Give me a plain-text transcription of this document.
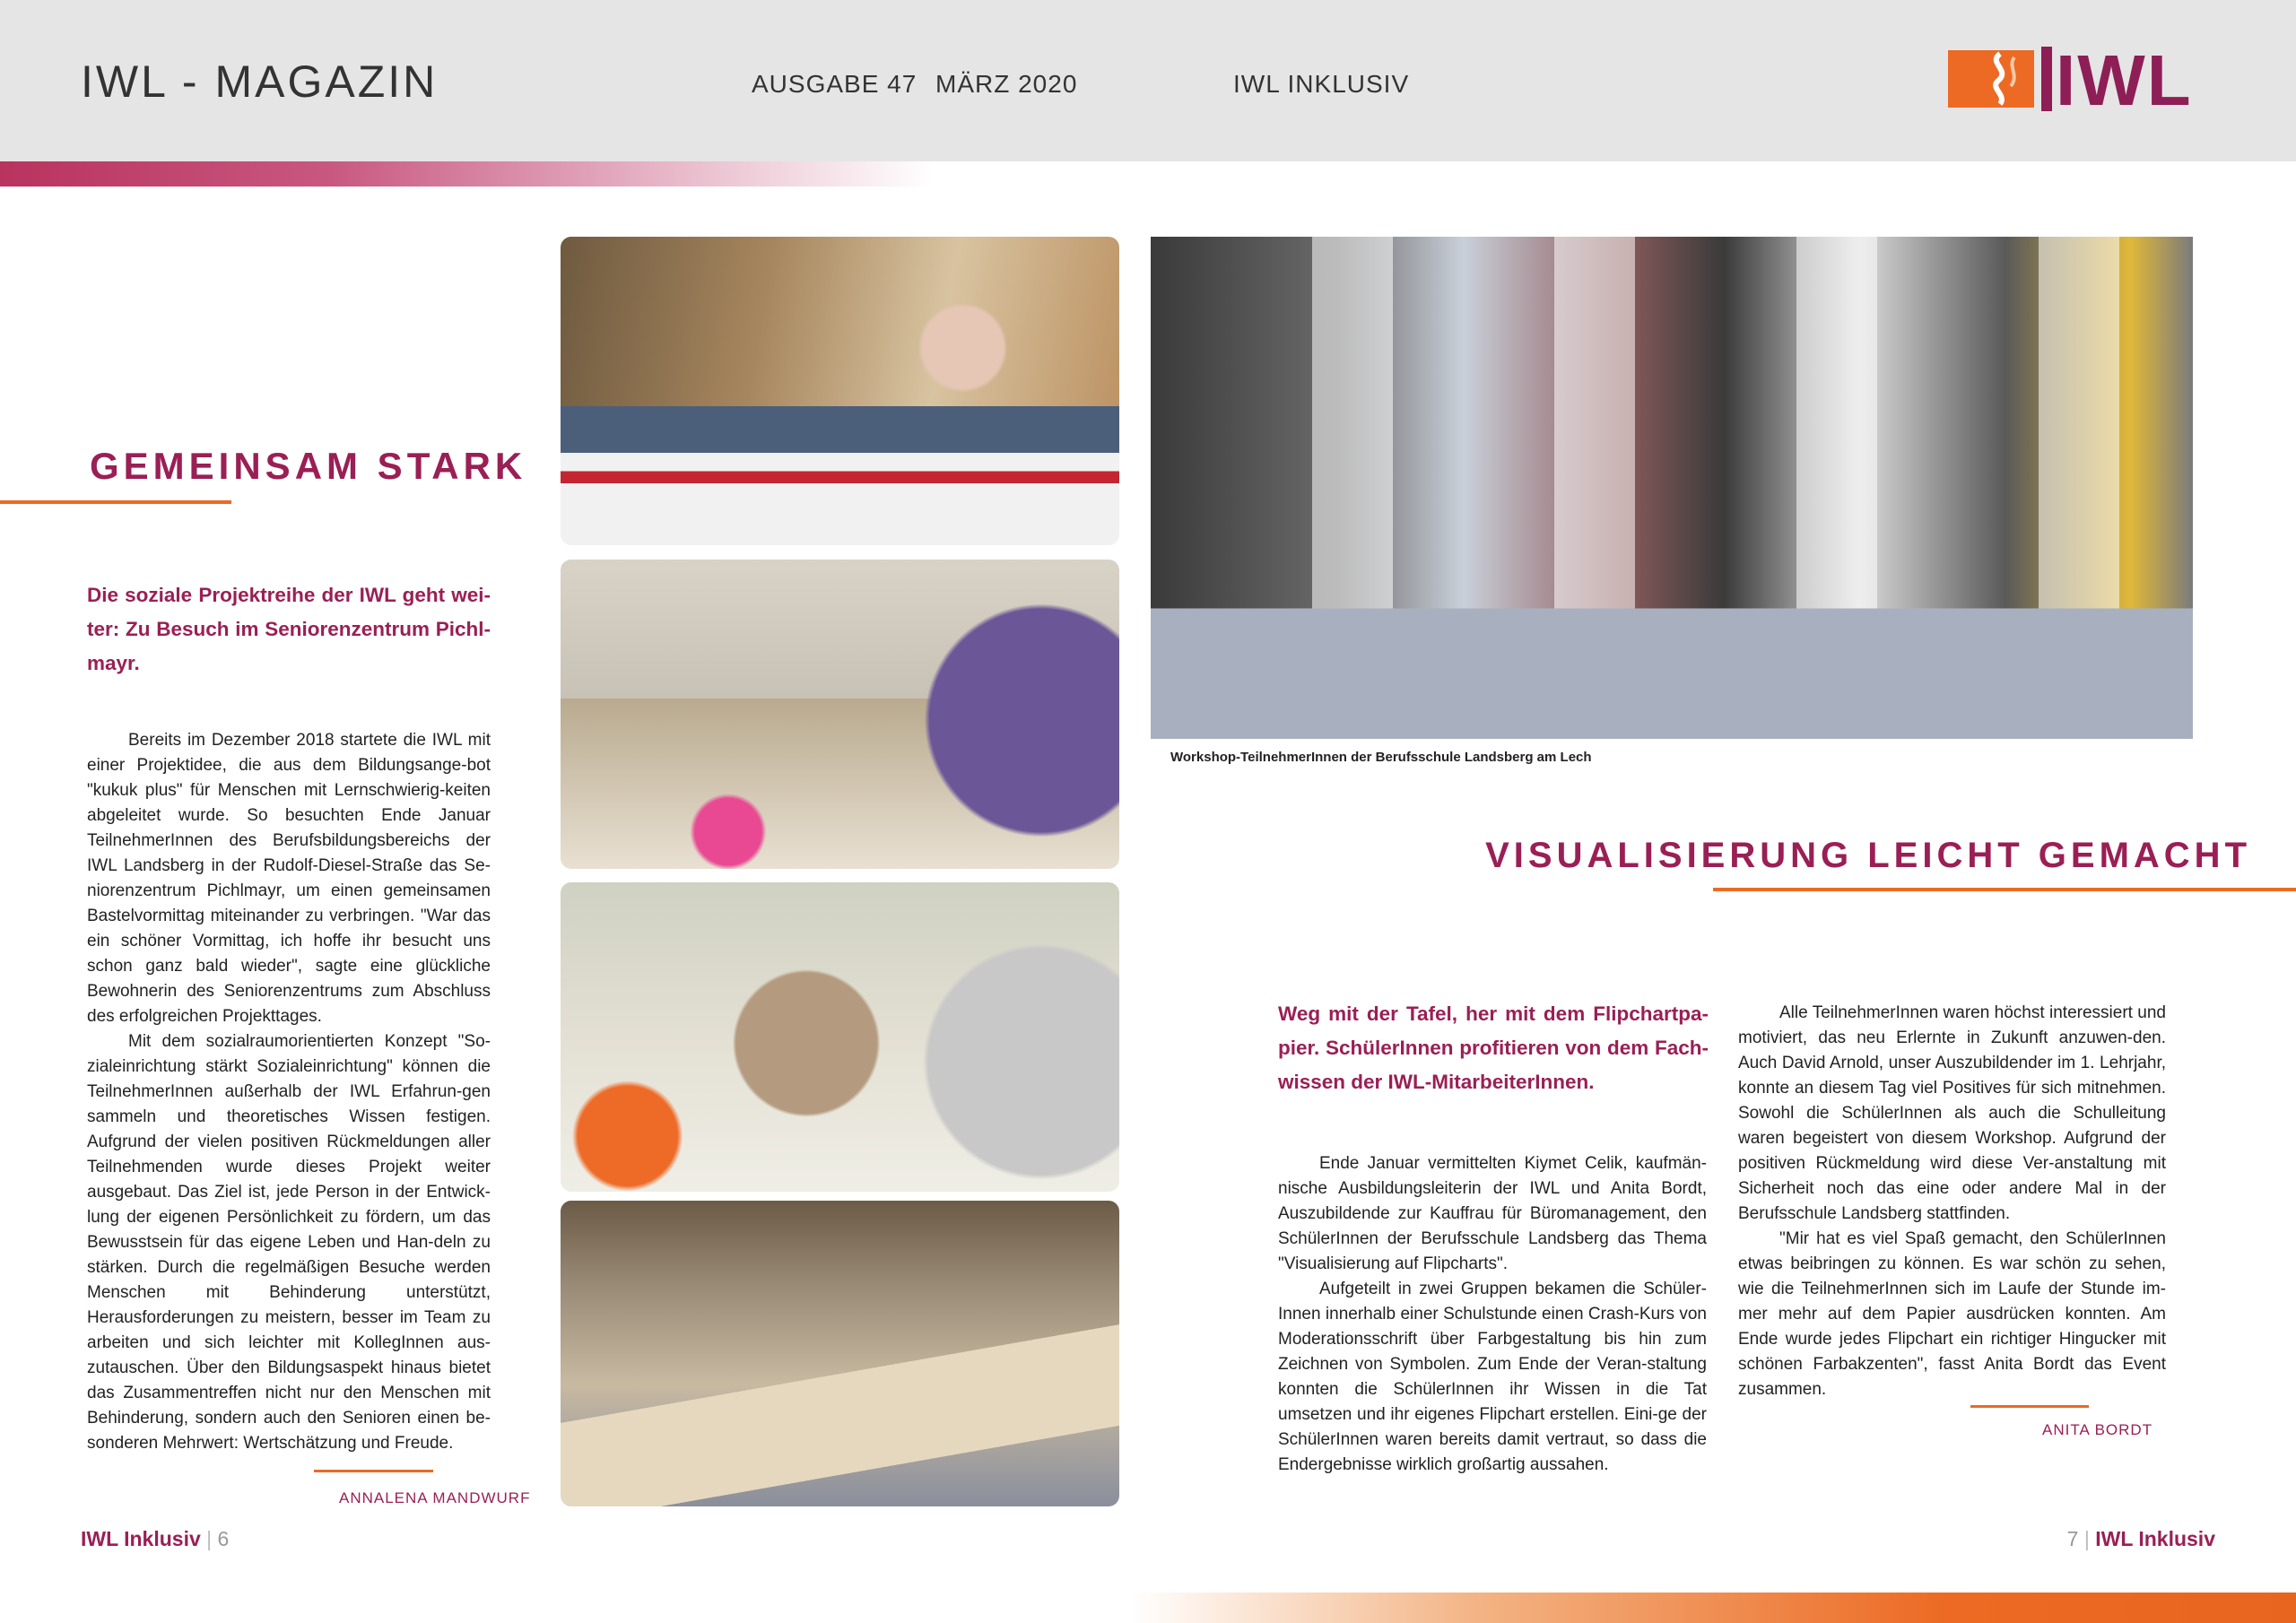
IWL - MAGAZIN	AUSGABE 47 MÄRZ 2020	IWL INKLUSIV	IWL
GEMEINSAM STARK
Die soziale Projektreihe der IWL geht wei-ter: Zu Besuch im Seniorenzentrum Pichl-mayr.

Bereits im Dezember 2018 startete die IWL mit einer Projektidee, die aus dem Bildungsange-bot "kukuk plus" für Menschen mit Lernschwierig-keiten abgeleitet wurde. So besuchten Ende Januar TeilnehmerInnen des Berufsbildungsbereichs der IWL Landsberg in der Rudolf-Diesel-Straße das Se-niorenzentrum Pichlmayr, um einen gemeinsamen Bastelvormittag miteinander zu verbringen. "War das ein schöner Vormittag, ich hoffe ihr besucht uns schon ganz bald wieder", sagte eine glückliche Bewohnerin des Seniorenzentrums zum Abschluss des erfolgreichen Projekttages.

Mit dem sozialraumorientierten Konzept "So-zialeinrichtung stärkt Sozialeinrichtung" können die TeilnehmerInnen außerhalb der IWL Erfahrun-gen sammeln und theoretisches Wissen festigen. Aufgrund der vielen positiven Rückmeldungen aller Teilnehmenden wurde dieses Projekt weiter ausgebaut. Das Ziel ist, jede Person in der Entwick-lung der eigenen Persönlichkeit zu fördern, um das Bewusstsein für das eigene Leben und Han-deln zu stärken. Durch die regelmäßigen Besuche werden Menschen mit Behinderung unterstützt, Herausforderungen zu meistern, besser im Team zu arbeiten und sich leichter mit KollegInnen aus-zutauschen. Über den Bildungsaspekt hinaus bietet das Zusammentreffen nicht nur den Menschen mit Behinderung, sondern auch den Senioren einen be-sonderen Mehrwert: Wertschätzung und Freude.

ANNALENA MANDWURF
Workshop-TeilnehmerInnen der Berufsschule Landsberg am Lech
VISUALISIERUNG LEICHT GEMACHT
Weg mit der Tafel, her mit dem Flipchartpa-pier. SchülerInnen profitieren von dem Fach-wissen der IWL-MitarbeiterInnen.

Ende Januar vermittelten Kiymet Celik, kaufmän-nische Ausbildungsleiterin der IWL und Anita Bordt, Auszubildende zur Kauffrau für Büromanagement, den SchülerInnen der Berufsschule Landsberg das Thema "Visualisierung auf Flipcharts".

Aufgeteilt in zwei Gruppen bekamen die Schüler-Innen innerhalb einer Schulstunde einen Crash-Kurs von Moderationsschrift über Farbgestaltung bis hin zum Zeichnen von Symbolen. Zum Ende der Veran-staltung konnten die SchülerInnen ihr Wissen in die Tat umsetzen und ihr eigenes Flipchart erstellen. Eini-ge der SchülerInnen waren bereits damit vertraut, so dass die Endergebnisse wirklich großartig aussahen.

Alle TeilnehmerInnen waren höchst interessiert und motiviert, das neu Erlernte in Zukunft anzuwen-den. Auch David Arnold, unser Auszubildender im 1. Lehrjahr, konnte an diesem Tag viel Positives für sich mitnehmen. Sowohl die SchülerInnen als auch die Schulleitung waren begeistert von diesem Workshop. Aufgrund der positiven Rückmeldung wird diese Ver-anstaltung mit Sicherheit noch das eine oder andere Mal in der Berufsschule Landsberg stattfinden.

"Mir hat es viel Spaß gemacht, den SchülerInnen etwas beibringen zu können. Es war schön zu sehen, wie die TeilnehmerInnen sich im Laufe der Stunde im-mer mehr auf dem Papier ausdrücken konnten. Am Ende wurde jedes Flipchart ein richtiger Hingucker mit schönen Farbakzenten", fasst Anita Bordt das Event zusammen.

ANITA BORDT
IWL Inklusiv | 6	7 | IWL Inklusiv
